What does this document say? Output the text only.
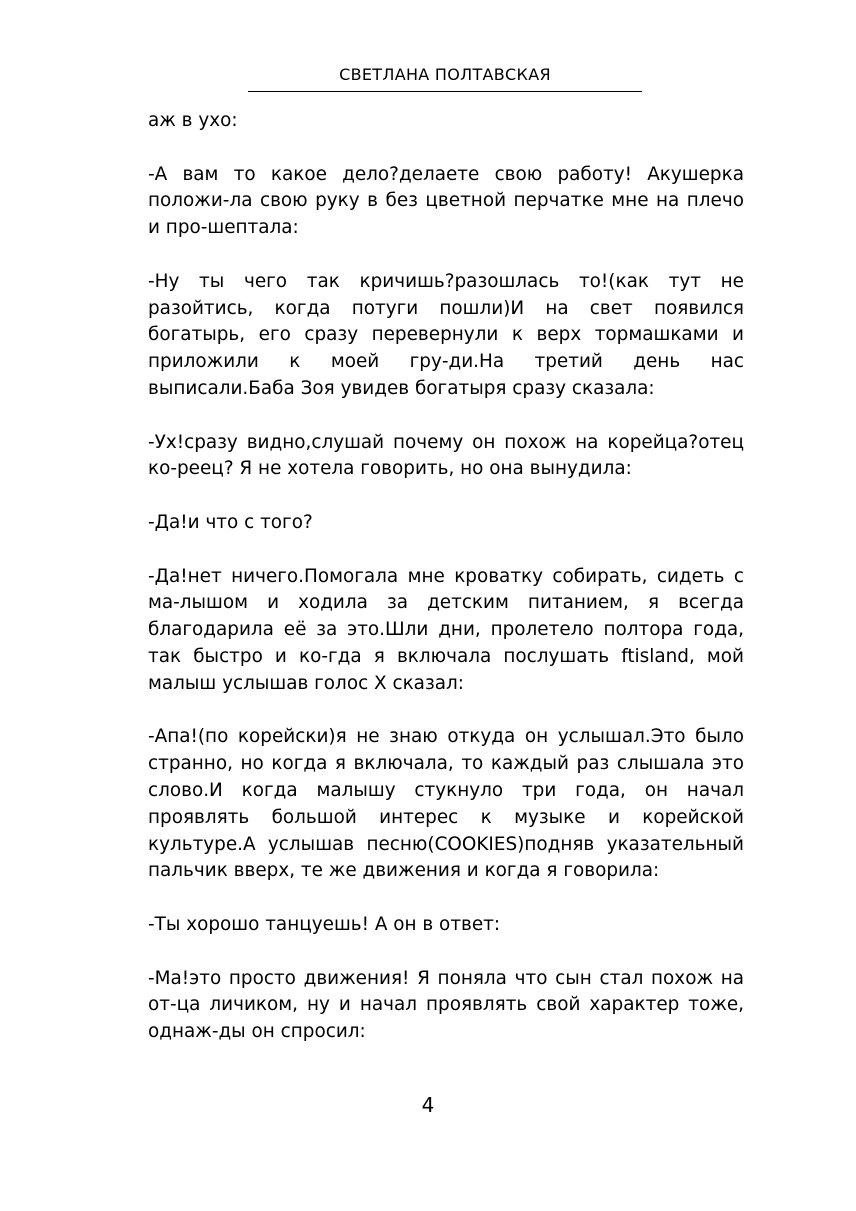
СВЕТЛАНА ПОЛТАВСКАЯ

аж в ухо:

-А вам то какое дело?делаете свою работу! Акушерка положи-ла свою руку в без цветной перчатке мне на плечо и про-шептала:

-Ну ты чего так кричишь?разошлась то!(как тут не разойтись, когда потуги пошли)И на свет появился богатырь, его сразу перевернули к верх тормашками и приложили к моей гру-ди.На третий день нас выписали.Баба Зоя увидев богатыря сразу сказала:

-Ух!сразу видно,слушай почему он похож на корейца?отец ко-реец? Я не хотела говорить, но она вынудила:

-Да!и что с того?

-Да!нет ничего.Помогала мне кроватку собирать, сидеть с ма-лышом и ходила за детским питанием, я всегда благодарила её за это.Шли дни, пролетело полтора года, так быстро и ко-гда я включала послушать ftisland, мой малыш услышав голос Х сказал:

-Апа!(по корейски)я не знаю откуда он услышал.Это было странно, но когда я включала, то каждый раз слышала это слово.И когда малышу стукнуло три года, он начал проявлять большой интерес к музыке и корейской культуре.А услышав песню(COOKIES)подняв указательный пальчик вверх, те же движения и когда я говорила:

-Ты хорошо танцуешь! А он в ответ:

-Ма!это просто движения! Я поняла что сын стал похож на от-ца личиком, ну и начал проявлять свой характер тоже, однаж-ды он спросил:

4
